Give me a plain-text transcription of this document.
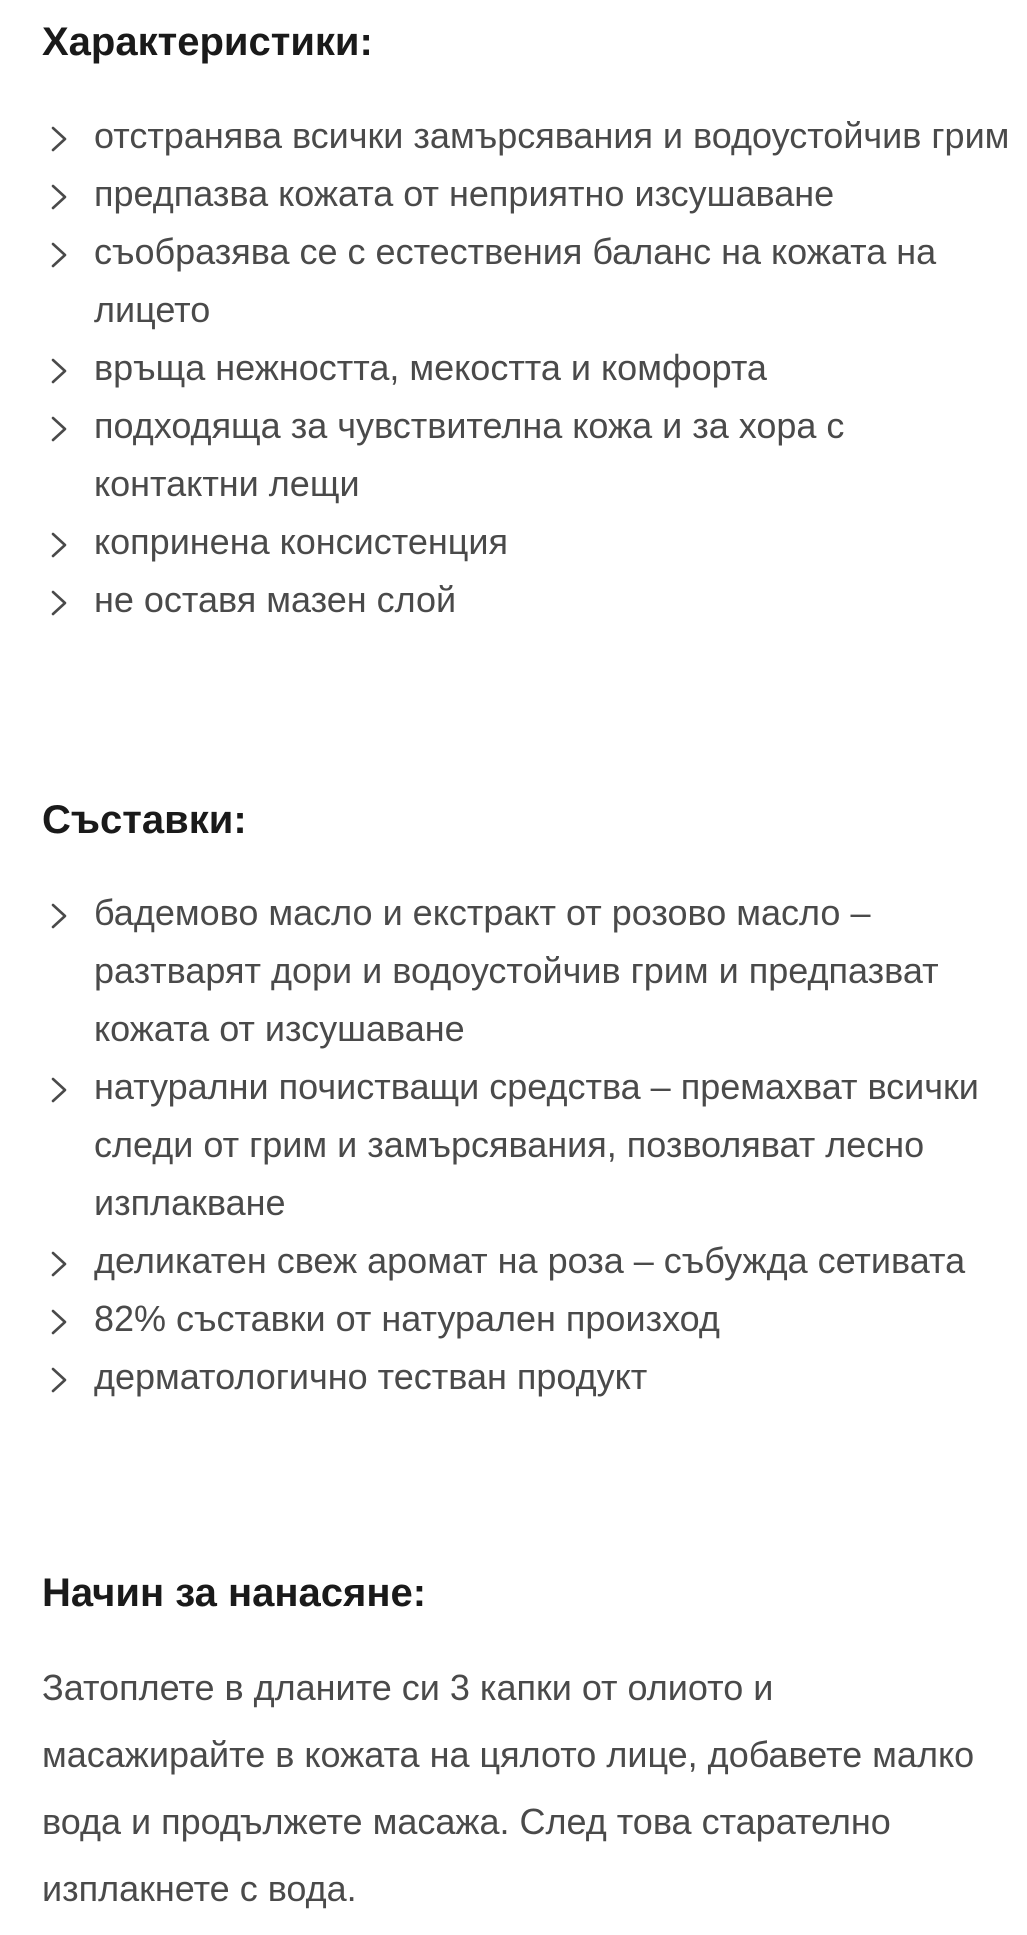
Характеристики:
отстранява всички замърсявания и водоустойчив грим
предпазва кожата от неприятно изсушаване
съобразява се с естествения баланс на кожата на лицето
връща нежността, мекостта и комфорта
подходяща за чувствителна кожа и за хора с контактни лещи
копринена консистенция
не оставя мазен слой
Съставки:
бадемово масло и екстракт от розово масло – разтварят дори и водоустойчив грим и предпазват кожата от изсушаване
натурални почистващи средства – премахват всички следи от грим и замърсявания, позволяват лесно изплакване
деликатен свеж аромат на роза – събужда сетивата
82% съставки от натурален произход
дерматологично тестван продукт
Начин за нанасяне:

Затоплете в дланите си 3 капки от олиото и масажирайте в кожата на цялото лице, добавете малко вода и продължете масажа. След това старателно изплакнете с вода.
